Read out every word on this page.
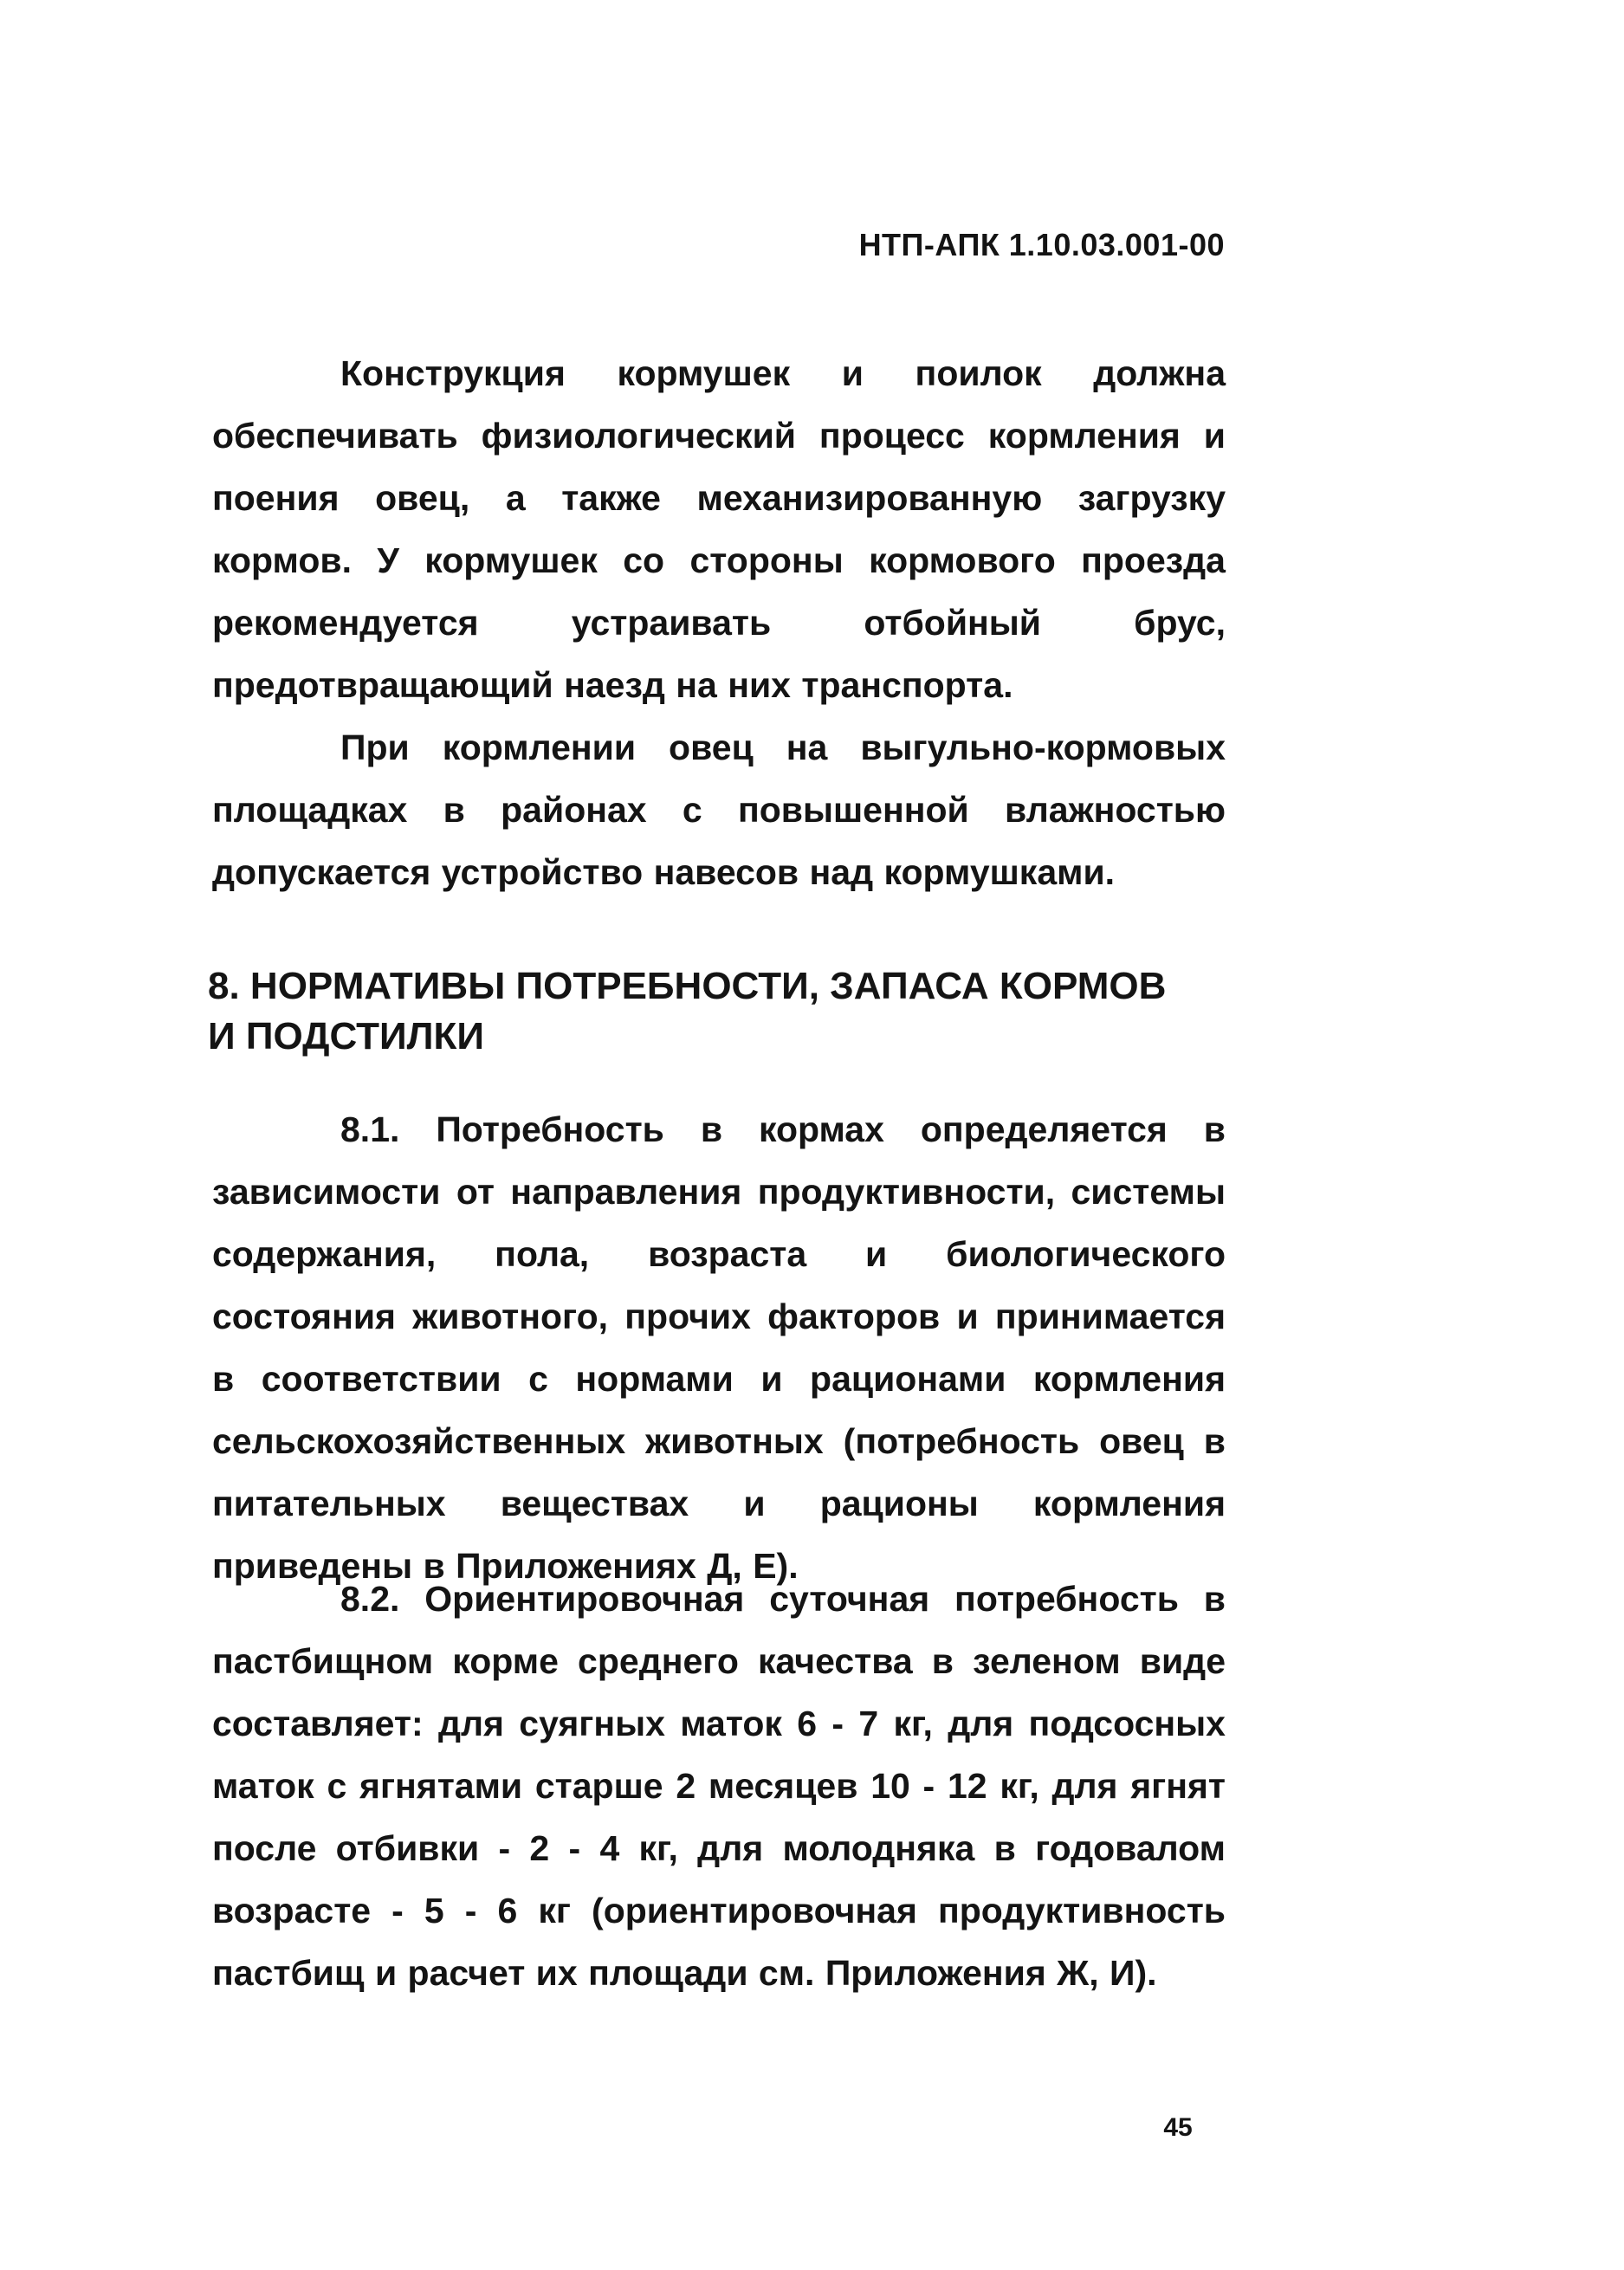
НТП-АПК 1.10.03.001-00

Конструкция кормушек и поилок должна обеспечивать физиологический процесс кормления и поения овец, а также механизированную загрузку кормов. У кормушек со стороны кормового проезда рекомендуется устраивать отбойный брус, предотвращающий наезд на них транспорта.

При кормлении овец на выгульно-кормовых площадках в районах с повышенной влажностью допускается устройство навесов над кормушками.

8. НОРМАТИВЫ ПОТРЕБНОСТИ, ЗАПАСА КОРМОВ

И ПОДСТИЛКИ

8.1. Потребность в кормах определяется в зависимости от направления продуктивности, системы содержания, пола, возраста и биологического состояния животного, прочих факторов и принимается в соответствии с нормами и рационами кормления сельскохозяйственных животных (потребность овец в питательных веществах и рационы кормления приведены в Приложениях Д, Е).

8.2. Ориентировочная суточная потребность в пастбищном корме среднего качества в зеленом виде составляет: для суягных маток 6 - 7 кг, для подсосных маток с ягнятами старше 2 месяцев 10 - 12 кг, для ягнят после отбивки - 2 - 4 кг, для молодняка в годовалом возрасте - 5 - 6 кг (ориентировочная продуктивность пастбищ и расчет их площади см. Приложения Ж, И).

45
